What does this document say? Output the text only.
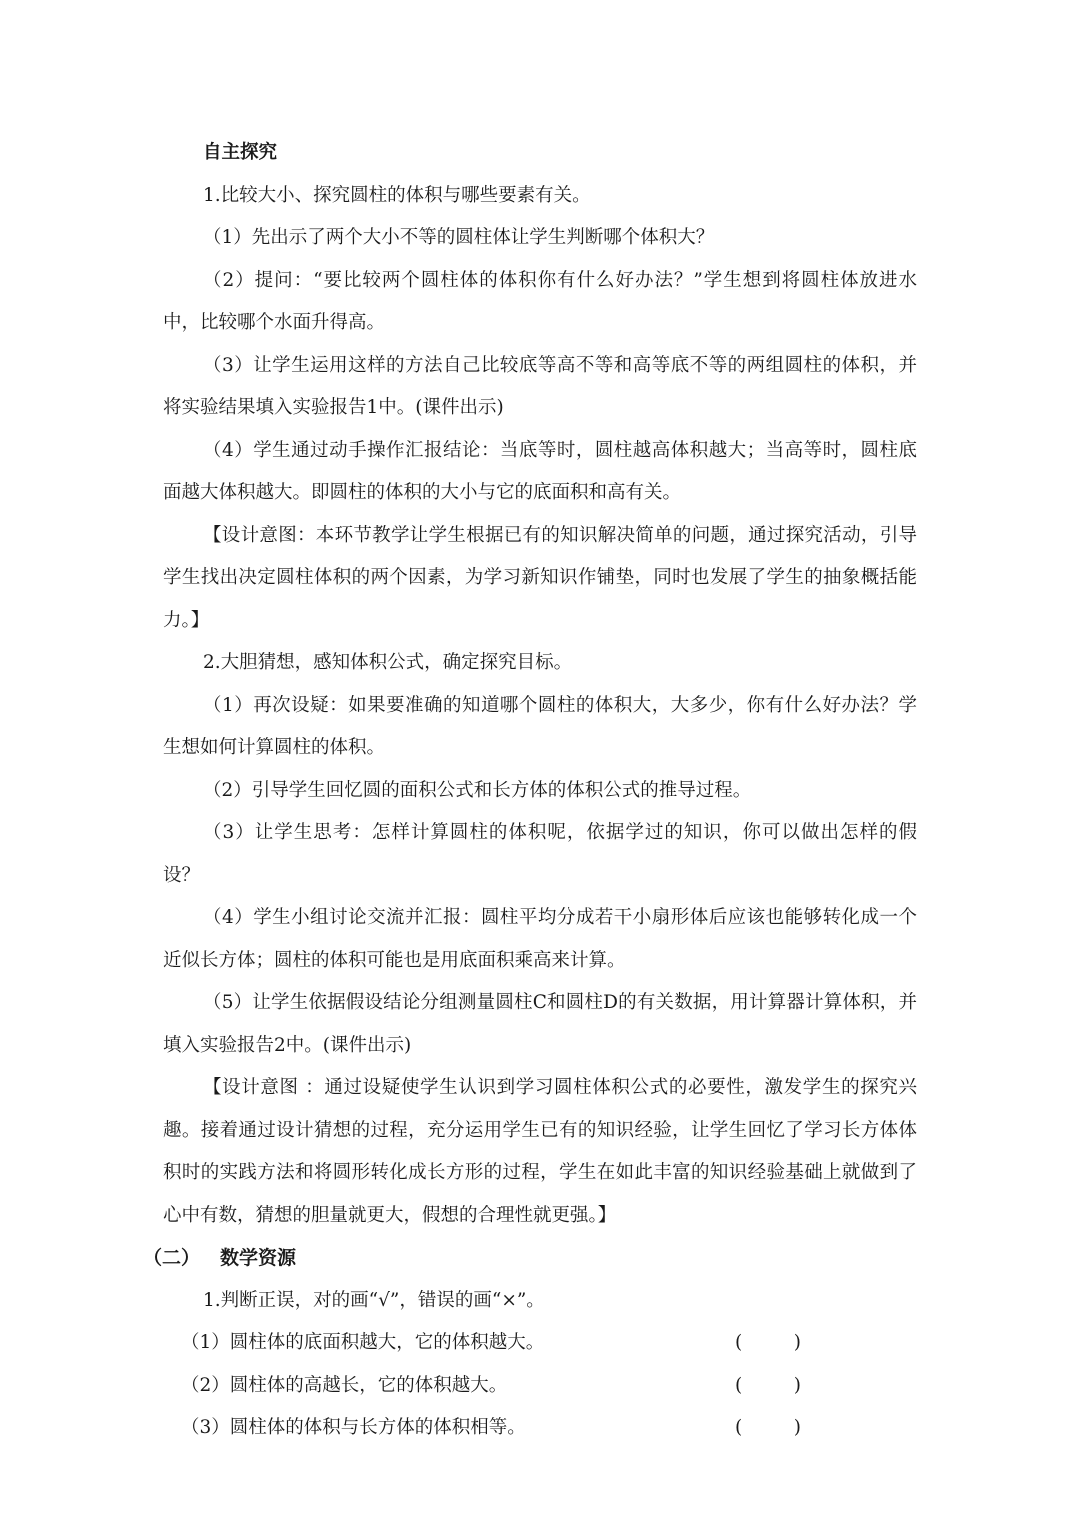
自主探究

1.比较大小、探究圆柱的体积与哪些要素有关。

（1）先出示了两个大小不等的圆柱体让学生判断哪个体积大？

（2）提问：“要比较两个圆柱体的体积你有什么好办法？”学生想到将圆柱体放进水中，比较哪个水面升得高。

（3）让学生运用这样的方法自己比较底等高不等和高等底不等的两组圆柱的体积，并将实验结果填入实验报告1中。(课件出示)

（4）学生通过动手操作汇报结论：当底等时，圆柱越高体积越大；当高等时，圆柱底面越大体积越大。即圆柱的体积的大小与它的底面积和高有关。

【设计意图：本环节教学让学生根据已有的知识解决简单的问题，通过探究活动，引导学生找出决定圆柱体积的两个因素，为学习新知识作铺垫，同时也发展了学生的抽象概括能力。】

2.大胆猜想，感知体积公式，确定探究目标。

（1）再次设疑：如果要准确的知道哪个圆柱的体积大，大多少，你有什么好办法？学生想如何计算圆柱的体积。

（2）引导学生回忆圆的面积公式和长方体的体积公式的推导过程。

（3）让学生思考：怎样计算圆柱的体积呢，依据学过的知识，你可以做出怎样的假设？

（4）学生小组讨论交流并汇报：圆柱平均分成若干小扇形体后应该也能够转化成一个近似长方体；圆柱的体积可能也是用底面积乘高来计算。

（5）让学生依据假设结论分组测量圆柱C和圆柱D的有关数据，用计算器计算体积，并填入实验报告2中。(课件出示)

【设计意图 ：通过设疑使学生认识到学习圆柱体积公式的必要性，激发学生的探究兴趣。接着通过设计猜想的过程，充分运用学生已有的知识经验，让学生回忆了学习长方体体积时的实践方法和将圆形转化成长方形的过程，学生在如此丰富的知识经验基础上就做到了心中有数，猜想的胆量就更大，假想的合理性就更强。】

（二） 数学资源

1.判断正误，对的画“√”，错误的画“×”。

（1）圆柱体的底面积越大，它的体积越大。	(	)
（2）圆柱体的高越长，它的体积越大。	(	)
（3）圆柱体的体积与长方体的体积相等。	(	)
